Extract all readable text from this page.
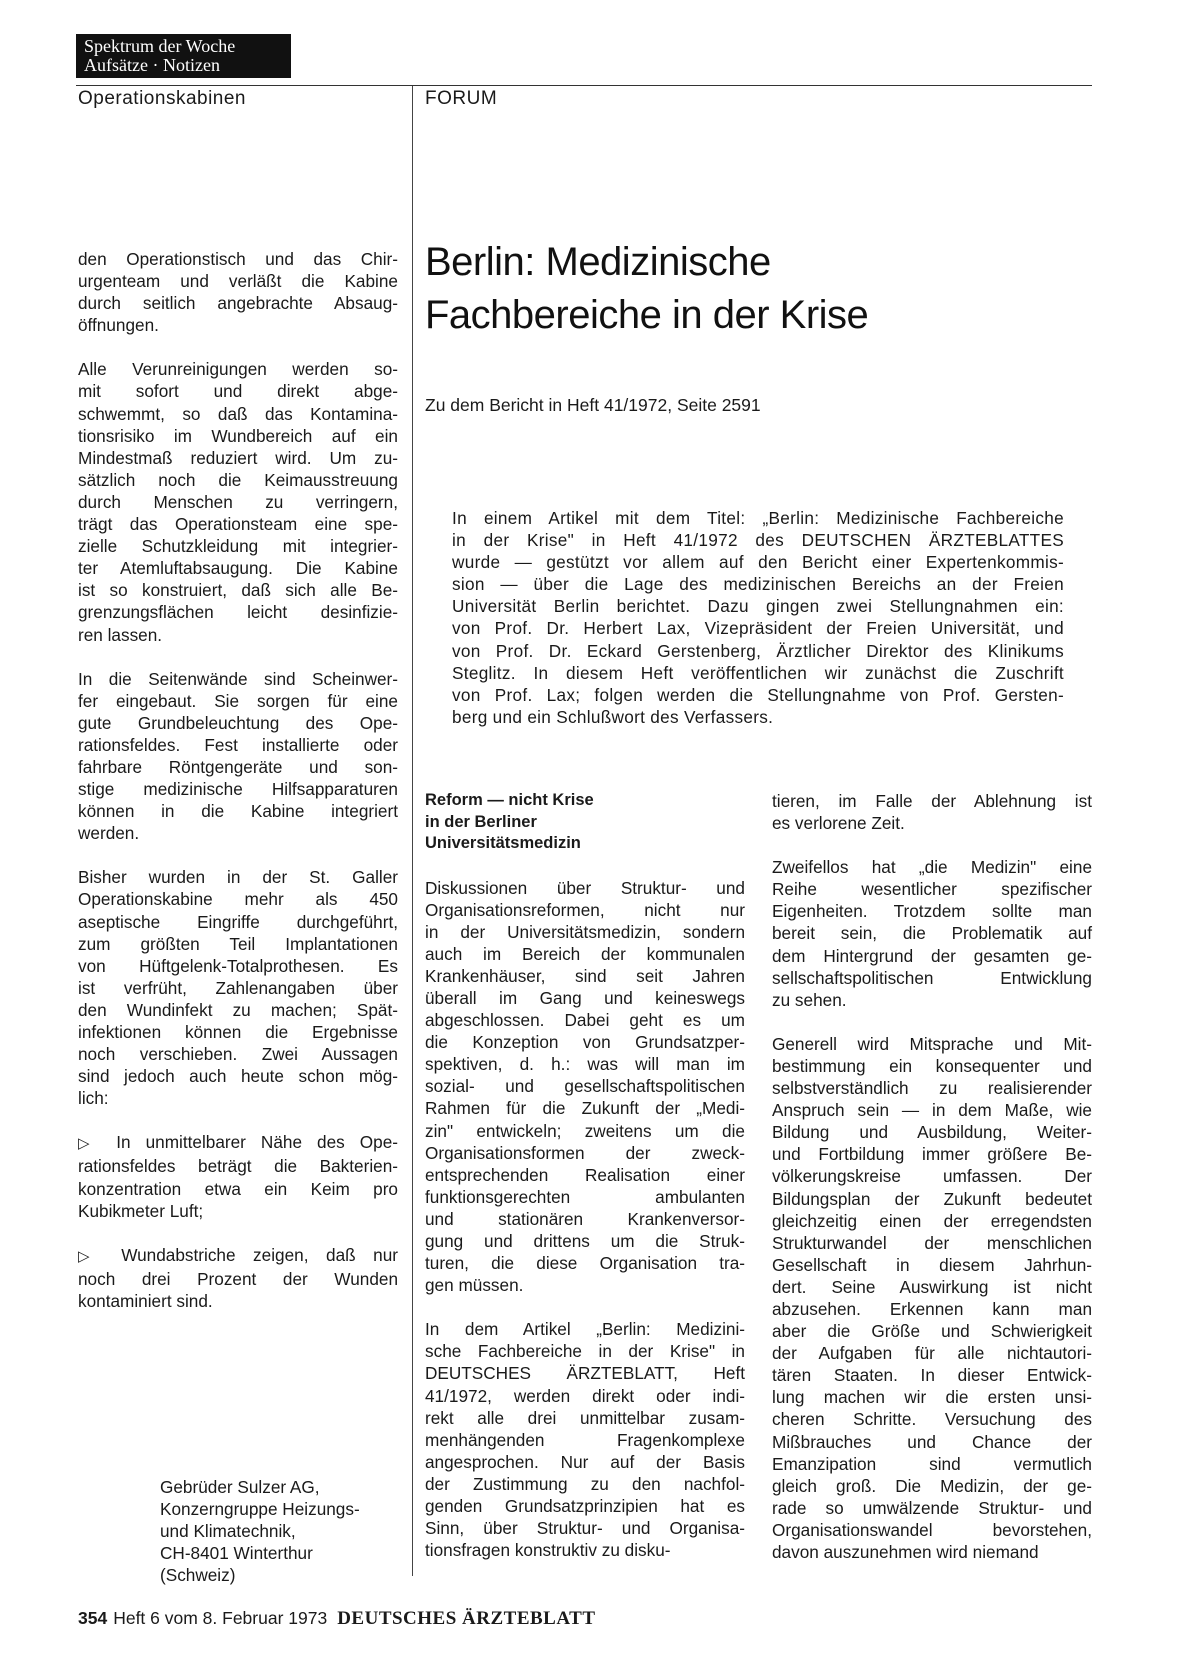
Spektrum der Woche
Aufsätze · Notizen
Operationskabinen	FORUM

den Operationstisch und das Chir-
urgenteam und verläßt die Kabine
durch seitlich angebrachte Absaug-
öffnungen.

Alle Verunreinigungen werden so-
mit sofort und direkt abge-
schwemmt, so daß das Kontamina-
tionsrisiko im Wundbereich auf ein
Mindestmaß reduziert wird. Um zu-
sätzlich noch die Keimausstreuung
durch Menschen zu verringern,
trägt das Operationsteam eine spe-
zielle Schutzkleidung mit integrier-
ter Atemluftabsaugung. Die Kabine
ist so konstruiert, daß sich alle Be-
grenzungsflächen leicht desinfizie-
ren lassen.

In die Seitenwände sind Scheinwer-
fer eingebaut. Sie sorgen für eine
gute Grundbeleuchtung des Ope-
rationsfeldes. Fest installierte oder
fahrbare Röntgengeräte und son-
stige medizinische Hilfsapparaturen
können in die Kabine integriert
werden.

Bisher wurden in der St. Galler
Operationskabine mehr als 450
aseptische Eingriffe durchgeführt,
zum größten Teil Implantationen
von Hüftgelenk-Totalprothesen. Es
ist verfrüht, Zahlenangaben über
den Wundinfekt zu machen; Spät-
infektionen können die Ergebnisse
noch verschieben. Zwei Aussagen
sind jedoch auch heute schon mög-
lich:

▷ In unmittelbarer Nähe des Ope-
rationsfeldes beträgt die Bakterien-
konzentration etwa ein Keim pro
Kubikmeter Luft;

▷ Wundabstriche zeigen, daß nur
noch drei Prozent der Wunden
kontaminiert sind.

Gebrüder Sulzer AG,
Konzerngruppe Heizungs-
und Klimatechnik,
CH-8401 Winterthur
(Schweiz)
Berlin: Medizinische
Fachbereiche in der Krise
Zu dem Bericht in Heft 41/1972, Seite 2591
In einem Artikel mit dem Titel: „Berlin: Medizinische Fachbereiche
in der Krise" in Heft 41/1972 des DEUTSCHEN ÄRZTEBLATTES
wurde — gestützt vor allem auf den Bericht einer Expertenkommis-
sion — über die Lage des medizinischen Bereichs an der Freien
Universität Berlin berichtet. Dazu gingen zwei Stellungnahmen ein:
von Prof. Dr. Herbert Lax, Vizepräsident der Freien Universität, und
von Prof. Dr. Eckard Gerstenberg, Ärztlicher Direktor des Klinikums
Steglitz. In diesem Heft veröffentlichen wir zunächst die Zuschrift
von Prof. Lax; folgen werden die Stellungnahme von Prof. Gersten-
berg und ein Schlußwort des Verfassers.
Reform — nicht Krise
in der Berliner
Universitätsmedizin

Diskussionen über Struktur- und
Organisationsreformen, nicht nur
in der Universitätsmedizin, sondern
auch im Bereich der kommunalen
Krankenhäuser, sind seit Jahren
überall im Gang und keineswegs
abgeschlossen. Dabei geht es um
die Konzeption von Grundsatzper-
spektiven, d. h.: was will man im
sozial- und gesellschaftspolitischen
Rahmen für die Zukunft der „Medi-
zin" entwickeln; zweitens um die
Organisationsformen der zweck-
entsprechenden Realisation einer
funktionsgerechten ambulanten
und stationären Krankenversor-
gung und drittens um die Struk-
turen, die diese Organisation tra-
gen müssen.

In dem Artikel „Berlin: Medizini-
sche Fachbereiche in der Krise" in
DEUTSCHES ÄRZTEBLATT, Heft
41/1972, werden direkt oder indi-
rekt alle drei unmittelbar zusam-
menhängenden Fragenkomplexe
angesprochen. Nur auf der Basis
der Zustimmung zu den nachfol-
genden Grundsatzprinzipien hat es
Sinn, über Struktur- und Organisa-
tionsfragen konstruktiv zu disku-

tieren, im Falle der Ablehnung ist
es verlorene Zeit.

Zweifellos hat „die Medizin" eine
Reihe wesentlicher spezifischer
Eigenheiten. Trotzdem sollte man
bereit sein, die Problematik auf
dem Hintergrund der gesamten ge-
sellschaftspolitischen Entwicklung
zu sehen.

Generell wird Mitsprache und Mit-
bestimmung ein konsequenter und
selbstverständlich zu realisierender
Anspruch sein — in dem Maße, wie
Bildung und Ausbildung, Weiter-
und Fortbildung immer größere Be-
völkerungskreise umfassen. Der
Bildungsplan der Zukunft bedeutet
gleichzeitig einen der erregendsten
Strukturwandel der menschlichen
Gesellschaft in diesem Jahrhun-
dert. Seine Auswirkung ist nicht
abzusehen. Erkennen kann man
aber die Größe und Schwierigkeit
der Aufgaben für alle nichtautori-
tären Staaten. In dieser Entwick-
lung machen wir die ersten unsi-
cheren Schritte. Versuchung des
Mißbrauches und Chance der
Emanzipation sind vermutlich
gleich groß. Die Medizin, der ge-
rade so umwälzende Struktur- und
Organisationswandel bevorstehen,
davon auszunehmen wird niemand

354 Heft 6 vom 8. Februar 1973 DEUTSCHES ÄRZTEBLATT
